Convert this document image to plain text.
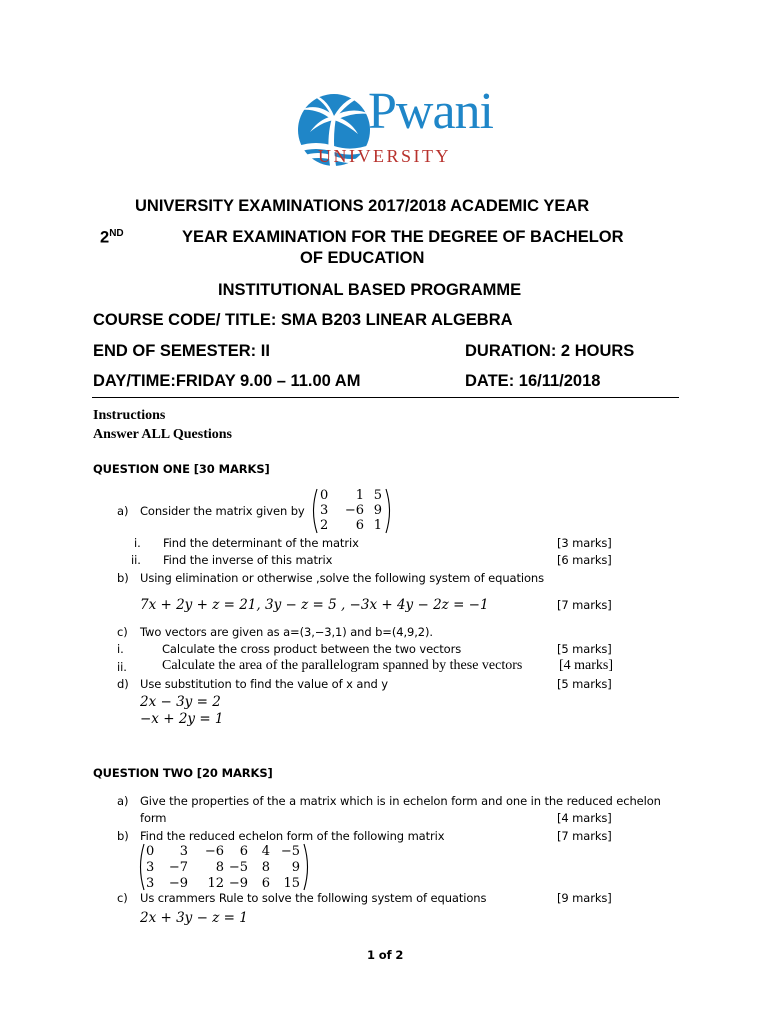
Pwani
UNIVERSITY
UNIVERSITY EXAMINATIONS 2017/2018 ACADEMIC YEAR
2ND	YEAR EXAMINATION FOR THE DEGREE OF BACHELOR
OF EDUCATION
INSTITUTIONAL BASED PROGRAMME
COURSE CODE/ TITLE: SMA B203 LINEAR ALGEBRA
END OF SEMESTER: II	DURATION: 2 HOURS
DAY/TIME:FRIDAY 9.00 – 11.00 AM	DATE: 16/11/2018
Instructions
Answer ALL Questions
QUESTION ONE [30 MARKS]
a) Consider the matrix given by
0	1 5
3	−6 9
2	6 1
i. Find the determinant of the matrix	[3 marks]
ii. Find the inverse of this matrix	[6 marks]
b) Using elimination or otherwise ,solve the following system of equations
7x + 2y + z = 21, 3y − z = 5 , −3x + 4y − 2z = −1	[7 marks]
c) Two vectors are given as a=(3,−3,1) and b=(4,9,2).
i.	Calculate the cross product between the two vectors	[5 marks]
ii.	Calculate the area of the parallelogram spanned by these vectors	[4 marks]
d) Use substitution to find the value of x and y	[5 marks]
2x − 3y = 2
−x + 2y = 1
QUESTION TWO [20 MARKS]
a) Give the properties of the a matrix which is in echelon form and one in the reduced echelon
form	[4 marks]
b) Find the reduced echelon form of the following matrix	[7 marks]
0	3	−6	6	4 −5
3	−7	8 −5	8	9
3	−9	12 −9	6	15
c) Us crammers Rule to solve the following system of equations	[9 marks]
2x + 3y − z = 1
1 of 2
